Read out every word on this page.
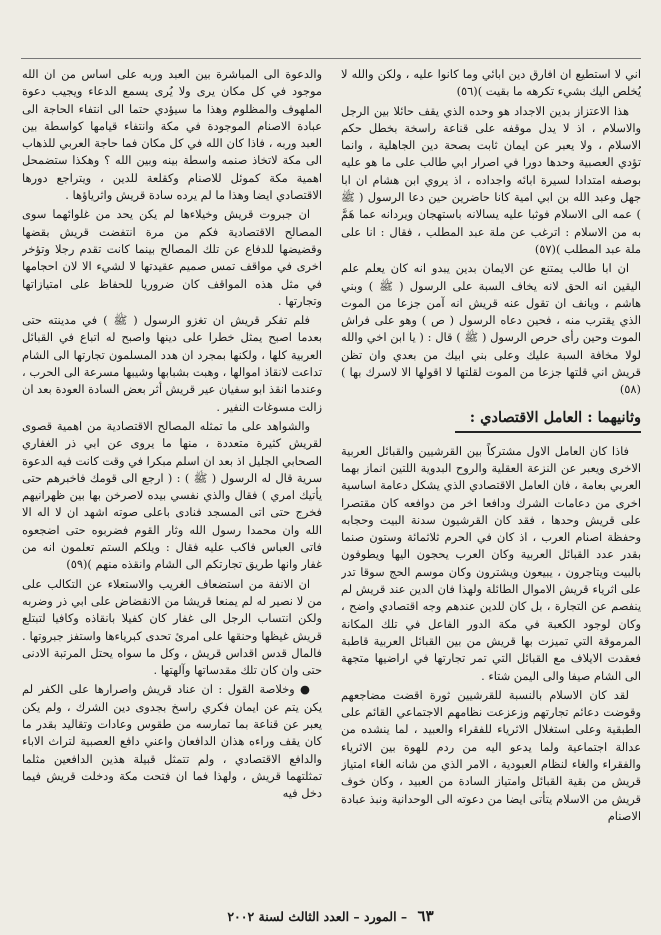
اني لا استطيع ان افارق دين ابائي وما كانوا عليه ، ولكن والله لا يُخلص اليك بشيء تكرهه ما بقيت )(٥٦)

هذا الاعتزاز بدين الاجداد هو وحده الذي يقف حائلا بين الرجل والاسلام ، اذ لا يدل موقفه على قناعة راسخة بخطل حكم الاسلام ، ولا يعبر عن ايمان ثابت بصحة دين الجاهلية ، وانما تؤدي العصبية وحدها دورا في اصرار ابي طالب على ما هو عليه بوصفه امتدادا لسيرة ابائه واجداده ، اذ يروي ابن هشام ان ابا جهل وعبد الله بن ابي امية كانا حاضرين حين دعا الرسول ( ﷺ ) عمه الى الاسلام فوثبا عليه يسالانه باستهجان ويردانه عما هَمَّ به من الاسلام : اترغب عن ملة عبد المطلب ، فقال : انا على ملة عبد المطلب )(٥٧)

ان ابا طالب يمتنع عن الايمان بدين يبدو انه كان يعلم علم اليقين انه الحق لانه يخاف السبة على الرسول ( ﷺ ) وبني هاشم ، ويانف ان تقول عنه قريش انه آمن جزعا من الموت الذي يقترب منه ، فحين دعاه الرسول ( ص ) وهو على فراش الموت وحين رأى حرص الرسول ( ﷺ ) قال : ( يا ابن اخي والله لولا مخافة السبة عليك وعلى بني ابيك من بعدي وان تظن قريش اني قلتها جزعا من الموت لقلتها لا اقولها الا لاسرك بها )(٥٨)

وثانيهما : العامل الاقتصادي :

فاذا كان العامل الاول مشتركاً بين القرشيين والقبائل العربية الاخرى ويعبر عن النزعة العقلية والروح البدوية اللتين انماز بهما العربي بعامة ، فان العامل الاقتصادي الذي يشكل دعامة اساسية اخرى من دعامات الشرك ودافعا اخر من دوافعه كان مقتصرا على قريش وحدها ، فقد كان القرشيون سدنة البيت وحجابه وحفظة اصنام العرب ، اذ كان في الحرم ثلاثمائة وستون صنما بقدر عدد القبائل العربية وكان العرب يحجون اليها ويطوفون بالبيت ويتاجرون ، يبيعون ويشترون وكان موسم الحج سوقا تدر على اثرياء قريش الاموال الطائلة ولهذا فان الدين عند قريش لم ينفصم عن التجارة ، بل كان للدين عندهم وجه اقتصادي واضح ، وكان لوجود الكعبة في مكة الدور الفاعل في تلك المكانة المرموقة التي تميزت بها قريش من بين القبائل العربية قاطبة فعقدت الايلاف مع القبائل التي تمر تجارتها في اراضيها متجهة الى الشام صيفا والى اليمن شتاء .

لقد كان الاسلام بالنسبة للقرشيين ثورة اقضت مضاجعهم وقوضت دعائم تجارتهم وزعزعت نظامهم الاجتماعي القائم على الطبقية وعلى استغلال الاثرياء للفقراء والعبيد ، لما ينشده من عدالة اجتماعية ولما يدعو اليه من ردم للهوة بين الاثرياء والفقراء والغاء لنظام العبودية ، الامر الذي من شانه الغاء امتياز قريش من بقية القبائل وامتياز السادة من العبيد ، وكان خوف قريش من الاسلام يتأتى ايضا من دعوته الى الوحدانية ونبذ عبادة الاصنام

والدعوة الى المباشرة بين العبد وربه على اساس من ان الله موجود في كل مكان يرى ولا يُرى يسمع الدعاء ويجيب دعوة الملهوف والمظلوم وهذا ما سيؤدي حتما الى انتفاء الحاجة الى عبادة الاصنام الموجودة في مكة وانتفاء قيامها كواسطة بين العبد وربه ، فاذا كان الله في كل مكان فما حاجة العربي للذهاب الى مكة لاتخاذ صنمه واسطة بينه وبين الله ؟ وهكذا ستضمحل اهمية مكة كموئل للاصنام وكقلعة للدين ، ويتراجع دورها الاقتصادي ايضا وهذا ما لم يرده سادة قريش واثرياؤها .

ان جبروت قريش وخيلاءها لم يكن يحد من غلوائهما سوى المصالح الاقتصادية فكم من مرة انتفضت قريش بقضها وقضيضها للدفاع عن تلك المصالح بينما كانت تقدم رجلا وتؤخر اخرى في مواقف تمس صميم عقيدتها لا لشيء الا لان احجامها في مثل هذه المواقف كان ضروريا للحفاظ على امتيازاتها وتجارتها .

فلم تفكر قريش ان تغزو الرسول ( ﷺ ) في مدينته حتى بعدما اصبح يمثل خطرا على دينها واصبح له اتباع في القبائل العربية كلها ، ولكنها بمجرد ان هدد المسلمون تجارتها الى الشام تداعت لانقاذ اموالها ، وهبت بشبابها وشيبها مسرعة الى الحرب ، وعندما انقذ ابو سفيان عير قريش أثر بعض السادة العودة بعد ان زالت مسوغات النفير .

والشواهد على ما تمثله المصالح الاقتصادية من اهمية قصوى لقريش كثيرة متعددة ، منها ما يروى عن ابي ذر الغفاري الصحابي الجليل اذ بعد ان اسلم مبكرا في وقت كانت فيه الدعوة سرية قال له الرسول ( ﷺ ) : ( ارجع الى قومك فاخبرهم حتى يأتيك امري ) فقال والذي نفسي بيده لاصرخن بها بين ظهرانيهم فخرج حتى اتى المسجد فنادى باعلى صوته اشهد ان لا اله الا الله وان محمدا رسول الله وثار القوم فضربوه حتى اضجعوه فاتى العباس فاكب عليه فقال : ويلكم الستم تعلمون انه من غفار وانها طريق تجارتكم الى الشام وانقذه منهم )(٥٩)

ان الانفة من استضعاف الغريب والاستعلاء عن التكالب على من لا نصير له لم يمنعا قريشا من الانقضاض على ابي ذر وضربه ولكن انتساب الرجل الى غفار كان كفيلا بانقاذه وكافيا لتبتلع قريش غيظها وحنقها على امرئ تحدى كبرياءها واستفز جبروتها . فالمال قدس اقداس قريش ، وكل ما سواه يحتل المرتبة الادنى حتى وان كان تلك مقدساتها وآلهتها .

● وخلاصة القول : ان عناد قريش واصرارها على الكفر لم يكن يتم عن ايمان فكري راسخ بجدوى دين الشرك ، ولم يكن يعبر عن قناعة بما تمارسه من طقوس وعادات وتقاليد بقدر ما كان يقف وراءه هذان الدافعان واعني دافع العصبية لتراث الاباء والدافع الاقتصادي ، ولم تتمثل قبيلة هذين الدافعين مثلما تمثلتهما قريش ، ولهذا فما ان فتحت مكة ودخلت قريش فيما دخل فيه

٦٣ – المورد – العدد الثالث لسنة ٢٠٠٢
